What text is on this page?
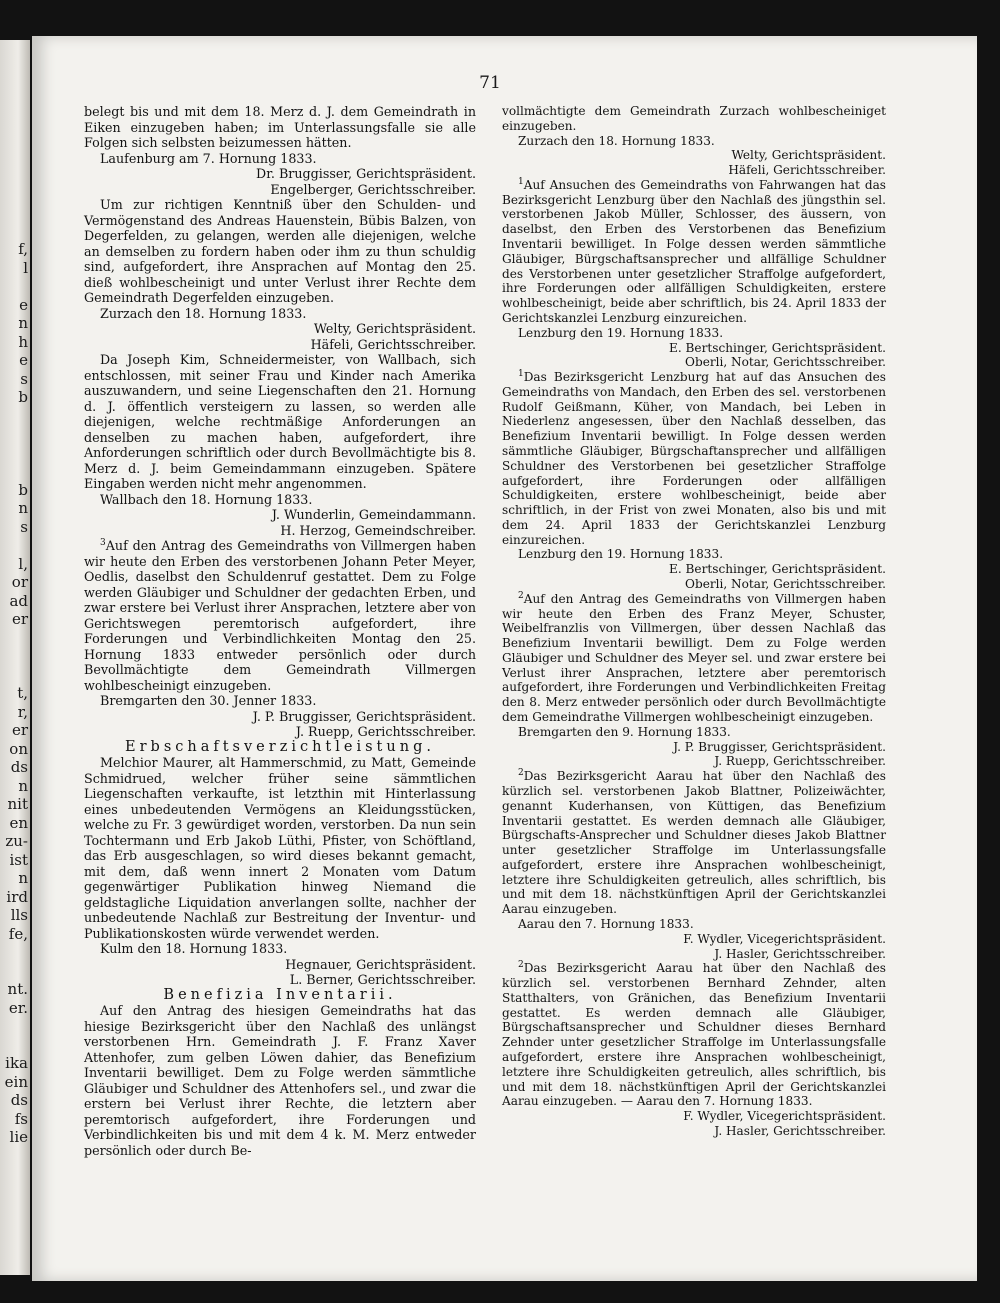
f,
l
e
n
h
e
s
b
b
n
s
l,
or
ad
er
t,
r,
er
on
ds
n
nit
en
zu-
ist
n
ird
lls
fe,
nt.
er.
ika
ein
ds
fs
lie
71

belegt bis und mit dem 18. Merz d. J. dem Gemeindrath in Eiken einzugeben haben; im Unterlassungsfalle sie alle Folgen sich selbsten beizumessen hätten.

Laufenburg am 7. Hornung 1833.

Dr. Bruggisser, Gerichtspräsident.

Engelberger, Gerichtsschreiber.

Um zur richtigen Kenntniß über den Schulden- und Vermögenstand des Andreas Hauenstein, Bübis Balzen, von Degerfelden, zu gelangen, werden alle diejenigen, welche an demselben zu fordern haben oder ihm zu thun schuldig sind, aufgefordert, ihre Ansprachen auf Montag den 25. dieß wohlbescheinigt und unter Verlust ihrer Rechte dem Gemeindrath Degerfelden einzugeben.

Zurzach den 18. Hornung 1833.

Welty, Gerichtspräsident.

Häfeli, Gerichtsschreiber.

Da Joseph Kim, Schneidermeister, von Wallbach, sich entschlossen, mit seiner Frau und Kinder nach Amerika auszuwandern, und seine Liegenschaften den 21. Hornung d. J. öffentlich versteigern zu lassen, so werden alle diejenigen, welche rechtmäßige Anforderungen an denselben zu machen haben, aufgefordert, ihre Anforderungen schriftlich oder durch Bevollmächtigte bis 8. Merz d. J. beim Gemeindammann einzugeben. Spätere Eingaben werden nicht mehr angenommen.

Wallbach den 18. Hornung 1833.

J. Wunderlin, Gemeindammann.

H. Herzog, Gemeindschreiber.

$^3$Auf den Antrag des Gemeindraths von Villmergen haben wir heute den Erben des verstorbenen Johann Peter Meyer, Oedlis, daselbst den Schuldenruf gestattet. Dem zu Folge werden Gläubiger und Schuldner der gedachten Erben, und zwar erstere bei Verlust ihrer Ansprachen, letztere aber von Gerichtswegen peremtorisch aufgefordert, ihre Forderungen und Verbindlichkeiten Montag den 25. Hornung 1833 entweder persönlich oder durch Bevollmächtigte dem Gemeindrath Villmergen wohlbescheinigt einzugeben.

Bremgarten den 30. Jenner 1833.

J. P. Bruggisser, Gerichtspräsident.

J. Ruepp, Gerichtsschreiber.

Erbschaftsverzichtleistung.

Melchior Maurer, alt Hammerschmid, zu Matt, Gemeinde Schmidrued, welcher früher seine sämmtlichen Liegenschaften verkaufte, ist letzthin mit Hinterlassung eines unbedeutenden Vermögens an Kleidungsstücken, welche zu Fr. 3 gewürdiget worden, verstorben. Da nun sein Tochtermann und Erb Jakob Lüthi, Pfister, von Schöftland, das Erb ausgeschlagen, so wird dieses bekannt gemacht, mit dem, daß wenn innert 2 Monaten vom Datum gegenwärtiger Publikation hinweg Niemand die geldstagliche Liquidation anverlangen sollte, nachher der unbedeutende Nachlaß zur Bestreitung der Inventur- und Publikationskosten würde verwendet werden.

Kulm den 18. Hornung 1833.

Hegnauer, Gerichtspräsident.

L. Berner, Gerichtsschreiber.

Benefizia Inventarii.

Auf den Antrag des hiesigen Gemeindraths hat das hiesige Bezirksgericht über den Nachlaß des unlängst verstorbenen Hrn. Gemeindrath J. F. Franz Xaver Attenhofer, zum gelben Löwen dahier, das Benefizium Inventarii bewilliget. Dem zu Folge werden sämmtliche Gläubiger und Schuldner des Attenhofers sel., und zwar die erstern bei Verlust ihrer Rechte, die letztern aber peremtorisch aufgefordert, ihre Forderungen und Verbindlichkeiten bis und mit dem 4 k. M. Merz entweder persönlich oder durch Be-

vollmächtigte dem Gemeindrath Zurzach wohlbescheiniget einzugeben.

Zurzach den 18. Hornung 1833.

Welty, Gerichtspräsident.

Häfeli, Gerichtsschreiber.

$^1$Auf Ansuchen des Gemeindraths von Fahrwangen hat das Bezirksgericht Lenzburg über den Nachlaß des jüngsthin sel. verstorbenen Jakob Müller, Schlosser, des äussern, von daselbst, den Erben des Verstorbenen das Benefizium Inventarii bewilliget. In Folge dessen werden sämmtliche Gläubiger, Bürgschaftsansprecher und allfällige Schuldner des Verstorbenen unter gesetzlicher Straffolge aufgefordert, ihre Forderungen oder allfälligen Schuldigkeiten, erstere wohlbescheinigt, beide aber schriftlich, bis 24. April 1833 der Gerichtskanzlei Lenzburg einzureichen.

Lenzburg den 19. Hornung 1833.

E. Bertschinger, Gerichtspräsident.

Oberli, Notar, Gerichtsschreiber.

$^1$Das Bezirksgericht Lenzburg hat auf das Ansuchen des Gemeindraths von Mandach, den Erben des sel. verstorbenen Rudolf Geißmann, Küher, von Mandach, bei Leben in Niederlenz angesessen, über den Nachlaß desselben, das Benefizium Inventarii bewilligt. In Folge dessen werden sämmtliche Gläubiger, Bürgschaftansprecher und allfälligen Schuldner des Verstorbenen bei gesetzlicher Straffolge aufgefordert, ihre Forderungen oder allfälligen Schuldigkeiten, erstere wohlbescheinigt, beide aber schriftlich, in der Frist von zwei Monaten, also bis und mit dem 24. April 1833 der Gerichtskanzlei Lenzburg einzureichen.

Lenzburg den 19. Hornung 1833.

E. Bertschinger, Gerichtspräsident.

Oberli, Notar, Gerichtsschreiber.

$^2$Auf den Antrag des Gemeindraths von Villmergen haben wir heute den Erben des Franz Meyer, Schuster, Weibelfranzlis von Villmergen, über dessen Nachlaß das Benefizium Inventarii bewilligt. Dem zu Folge werden Gläubiger und Schuldner des Meyer sel. und zwar erstere bei Verlust ihrer Ansprachen, letztere aber peremtorisch aufgefordert, ihre Forderungen und Verbindlichkeiten Freitag den 8. Merz entweder persönlich oder durch Bevollmächtigte dem Gemeindrathe Villmergen wohlbescheinigt einzugeben.

Bremgarten den 9. Hornung 1833.

J. P. Bruggisser, Gerichtspräsident.

J. Ruepp, Gerichtsschreiber.

$^2$Das Bezirksgericht Aarau hat über den Nachlaß des kürzlich sel. verstorbenen Jakob Blattner, Polizeiwächter, genannt Kuderhansen, von Küttigen, das Benefizium Inventarii gestattet. Es werden demnach alle Gläubiger, Bürgschafts-Ansprecher und Schuldner dieses Jakob Blattner unter gesetzlicher Straffolge im Unterlassungsfalle aufgefordert, erstere ihre Ansprachen wohlbescheinigt, letztere ihre Schuldigkeiten getreulich, alles schriftlich, bis und mit dem 18. nächstkünftigen April der Gerichtskanzlei Aarau einzugeben.

Aarau den 7. Hornung 1833.

F. Wydler, Vicegerichtspräsident.

J. Hasler, Gerichtsschreiber.

$^2$Das Bezirksgericht Aarau hat über den Nachlaß des kürzlich sel. verstorbenen Bernhard Zehnder, alten Statthalters, von Gränichen, das Benefizium Inventarii gestattet. Es werden demnach alle Gläubiger, Bürgschaftsansprecher und Schuldner dieses Bernhard Zehnder unter gesetzlicher Straffolge im Unterlassungsfalle aufgefordert, erstere ihre Ansprachen wohlbescheinigt, letztere ihre Schuldigkeiten getreulich, alles schriftlich, bis und mit dem 18. nächstkünftigen April der Gerichtskanzlei Aarau einzugeben. — Aarau den 7. Hornung 1833.

F. Wydler, Vicegerichtspräsident.

J. Hasler, Gerichtsschreiber.
